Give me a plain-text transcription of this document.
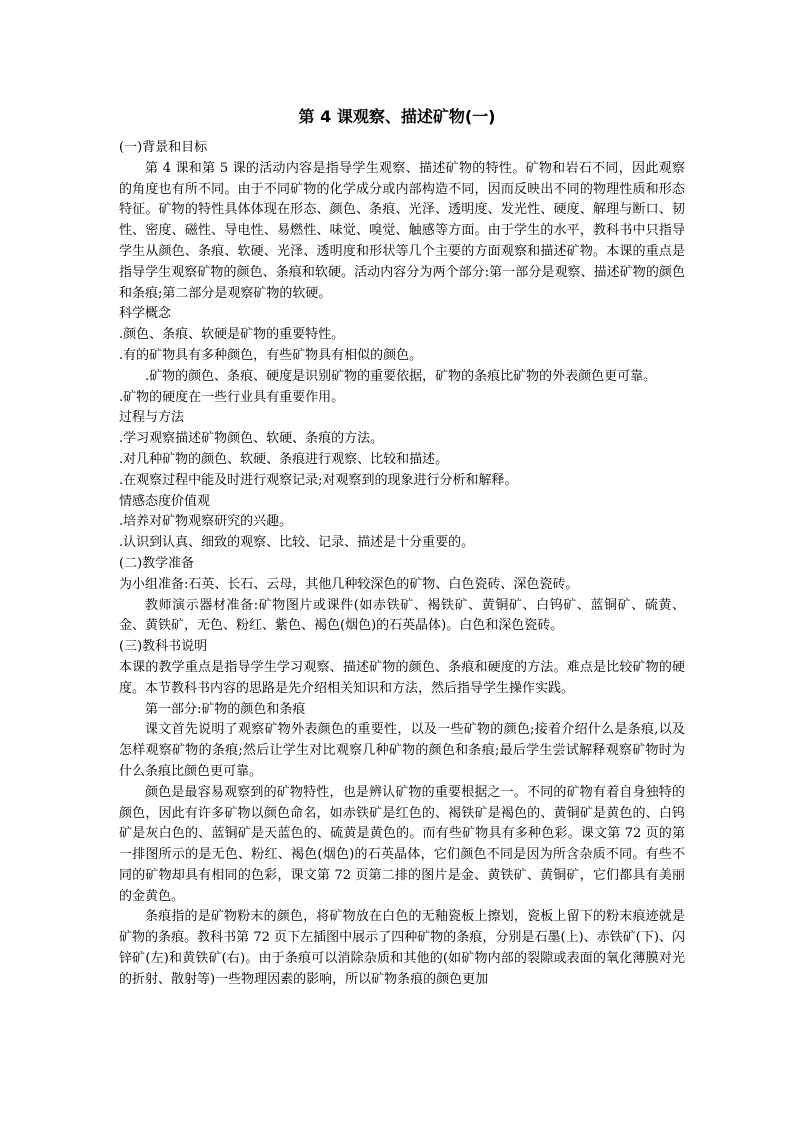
第 4 课观察、描述矿物(一)

(一)背景和目标

第 4 课和第 5 课的活动内容是指导学生观察、描述矿物的特性。矿物和岩石不同，因此观察的角度也有所不同。由于不同矿物的化学成分或内部构造不同，因而反映出不同的物理性质和形态特征。矿物的特性具体体现在形态、颜色、条痕、光泽、透明度、发光性、硬度、解理与断口、韧性、密度、磁性、导电性、易燃性、味觉、嗅觉、触感等方面。由于学生的水平，教科书中只指导学生从颜色、条痕、软硬、光泽、透明度和形状等几个主要的方面观察和描述矿物。本课的重点是指导学生观察矿物的颜色、条痕和软硬。活动内容分为两个部分:第一部分是观察、描述矿物的颜色和条痕;第二部分是观察矿物的软硬。

科学概念

.颜色、条痕、软硬是矿物的重要特性。

.有的矿物具有多种颜色，有些矿物具有相似的颜色。

.矿物的颜色、条痕、硬度是识别矿物的重要依据，矿物的条痕比矿物的外表颜色更可靠。

.矿物的硬度在一些行业具有重要作用。

过程与方法

.学习观察描述矿物颜色、软硬、条痕的方法。

.对几种矿物的颜色、软硬、条痕进行观察、比较和描述。

.在观察过程中能及时进行观察记录;对观察到的现象进行分析和解释。

情感态度价值观

.培养对矿物观察研究的兴趣。

.认识到认真、细致的观察、比较、记录、描述是十分重要的。

(二)教学准备

为小组准备:石英、长石、云母，其他几种较深色的矿物、白色瓷砖、深色瓷砖。

教师演示器材准备:矿物图片或课件(如赤铁矿、褐铁矿、黄铜矿、白钨矿、蓝铜矿、硫黄、金、黄铁矿，无色、粉红、紫色、褐色(烟色)的石英晶体)。白色和深色瓷砖。

(三)教科书说明

本课的教学重点是指导学生学习观察、描述矿物的颜色、条痕和硬度的方法。难点是比较矿物的硬度。本节教科书内容的思路是先介绍相关知识和方法，然后指导学生操作实践。

第一部分:矿物的颜色和条痕

课文首先说明了观察矿物外表颜色的重要性，以及一些矿物的颜色;接着介绍什么是条痕,以及怎样观察矿物的条痕;然后让学生对比观察几种矿物的颜色和条痕;最后学生尝试解释观察矿物时为什么条痕比颜色更可靠。

颜色是最容易观察到的矿物特性，也是辨认矿物的重要根据之一。不同的矿物有着自身独特的颜色，因此有许多矿物以颜色命名，如赤铁矿是红色的、褐铁矿是褐色的、黄铜矿是黄色的、白钨矿是灰白色的、蓝铜矿是天蓝色的、硫黄是黄色的。而有些矿物具有多种色彩。课文第 72 页的第一排图所示的是无色、粉红、褐色(烟色)的石英晶体，它们颜色不同是因为所含杂质不同。有些不同的矿物却具有相同的色彩，课文第 72 页第二排的图片是金、黄铁矿、黄铜矿，它们都具有美丽的金黄色。

条痕指的是矿物粉末的颜色，将矿物放在白色的无釉瓷板上擦划，瓷板上留下的粉末痕迹就是矿物的条痕。教科书第 72 页下左插图中展示了四种矿物的条痕，分别是石墨(上)、赤铁矿(下)、闪锌矿(左)和黄铁矿(右)。由于条痕可以消除杂质和其他的(如矿物内部的裂隙或表面的氧化薄膜对光的折射、散射等)一些物理因素的影响，所以矿物条痕的颜色更加
